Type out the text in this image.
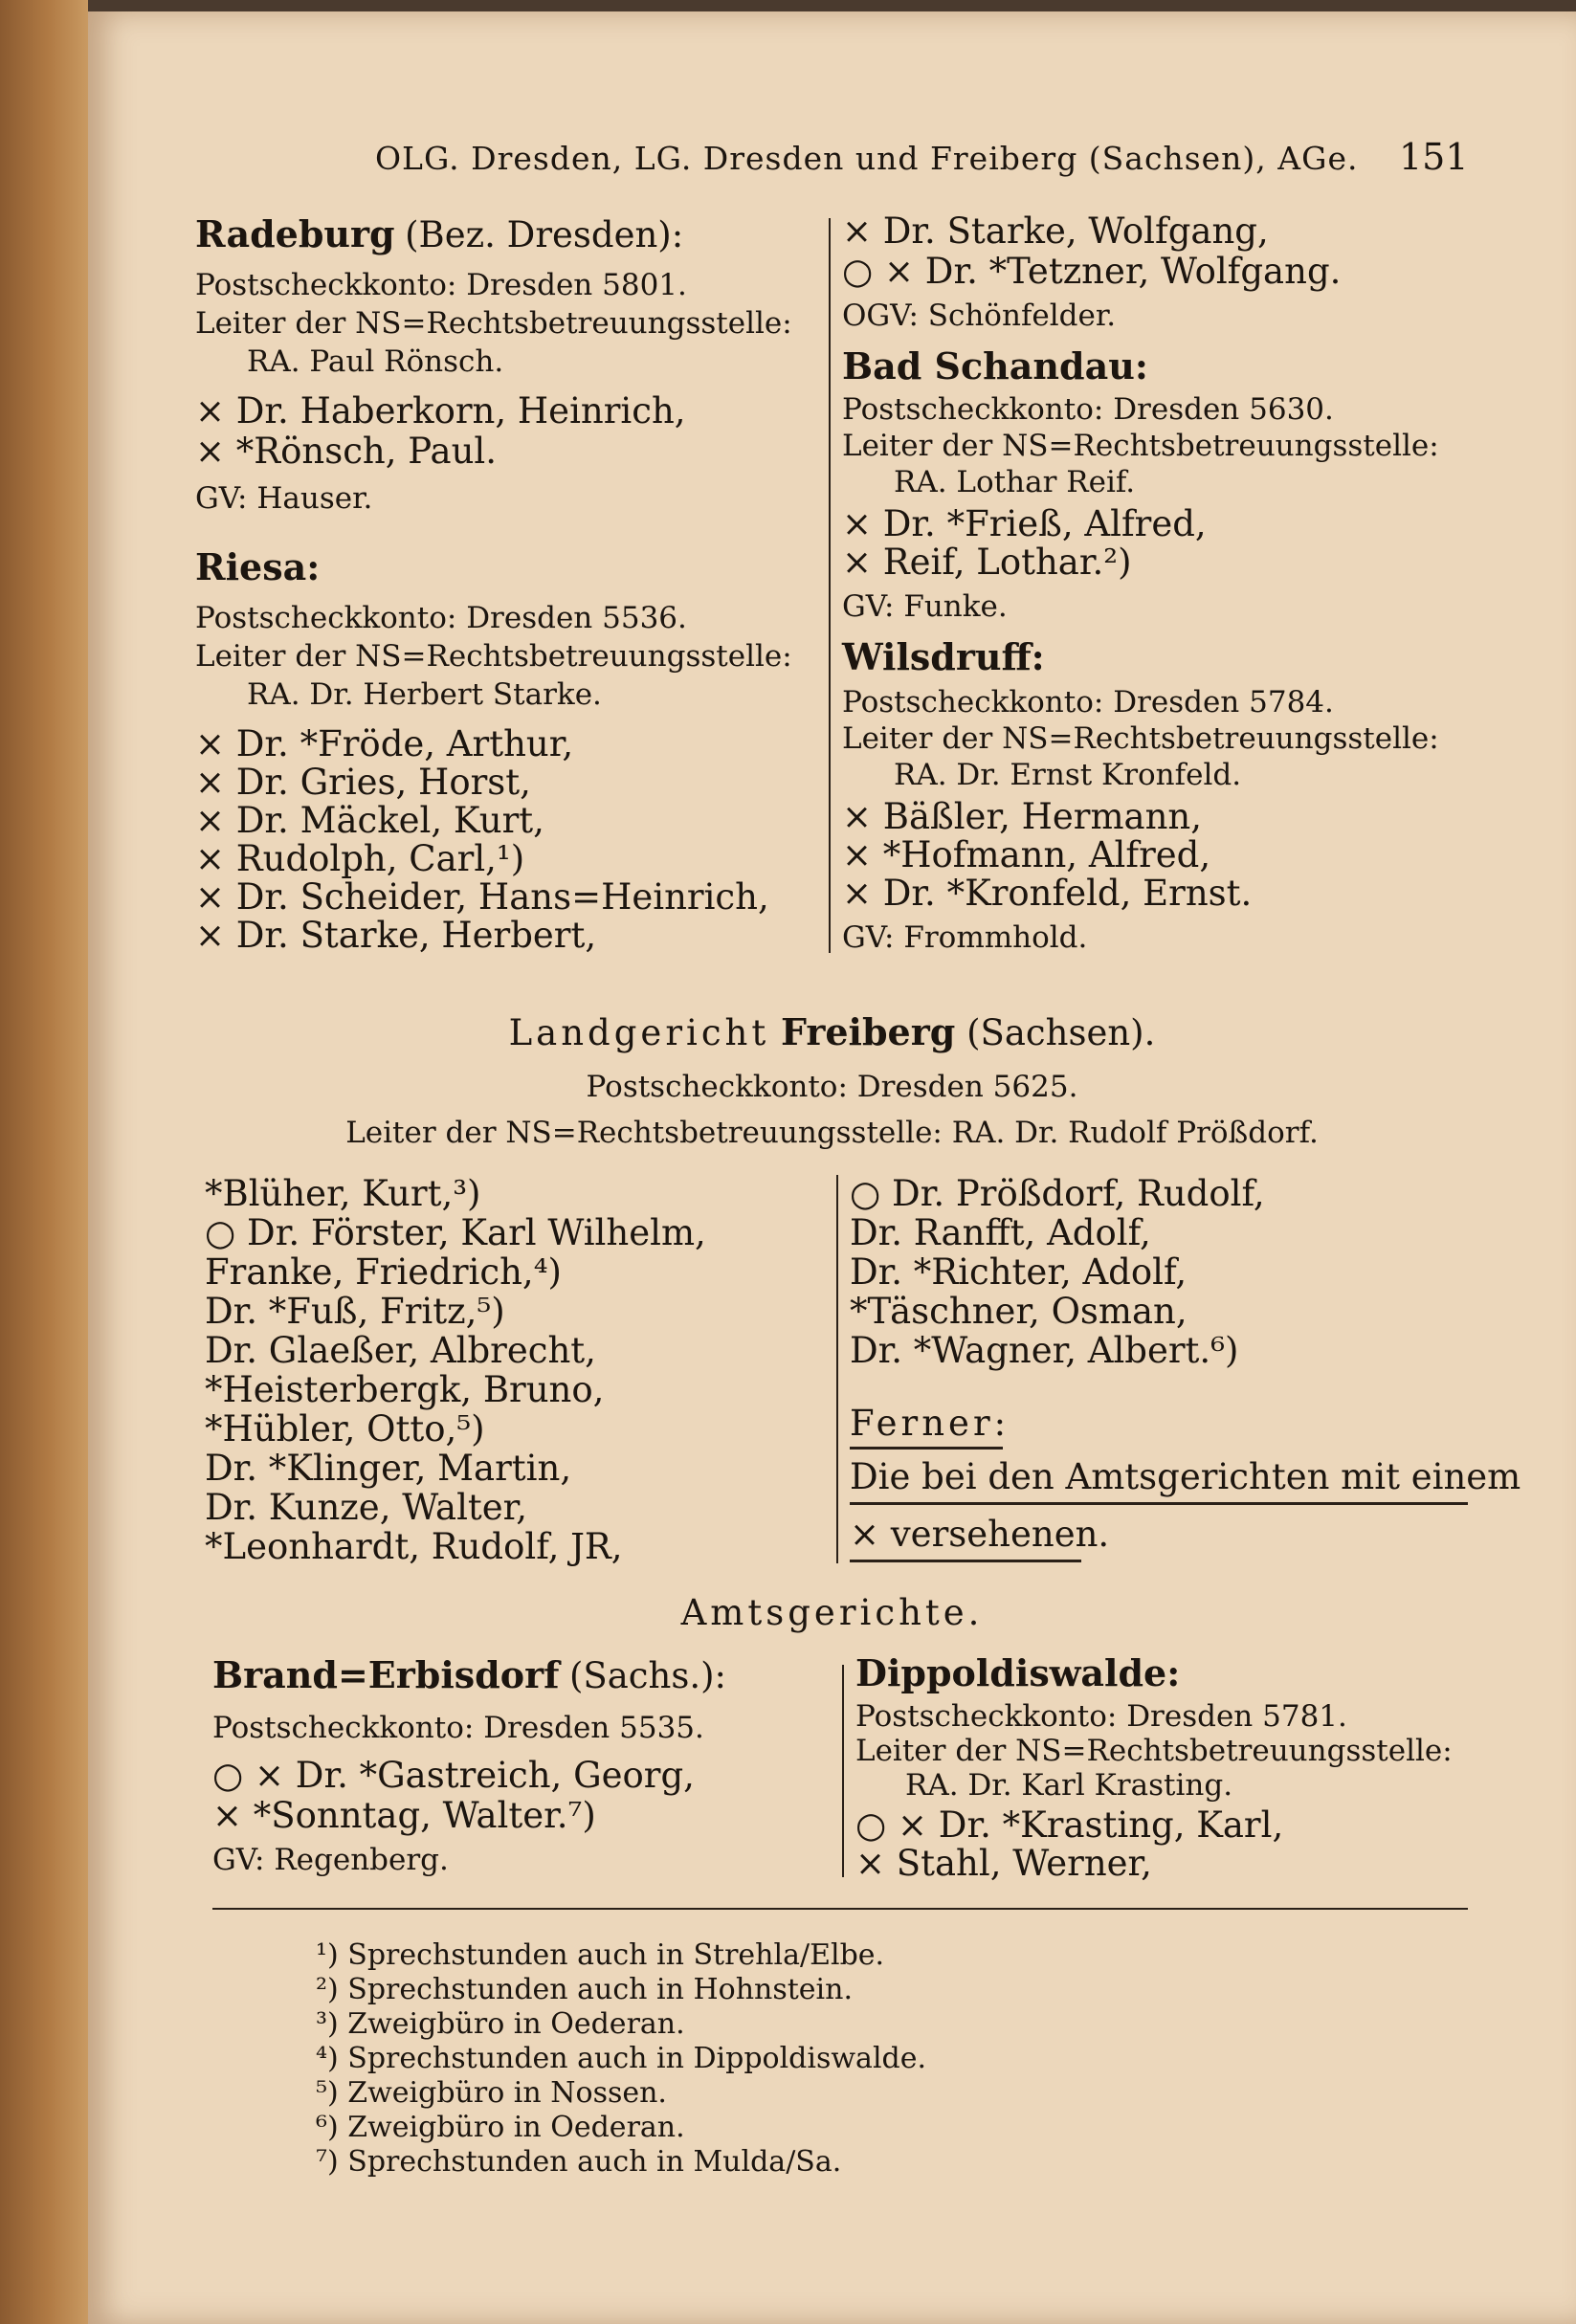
OLG. Dresden, LG. Dresden und Freiberg (Sachsen), AGe. 151
Radeburg (Bez. Dresden):
Postscheckkonto: Dresden 5801.
Leiter der NS=Rechtsbetreuungsstelle:
RA. Paul Rönsch.
× Dr. Haberkorn, Heinrich,
× *Rönsch, Paul.
GV: Hauser.
Riesa:
Postscheckkonto: Dresden 5536.
Leiter der NS=Rechtsbetreuungsstelle:
RA. Dr. Herbert Starke.
× Dr. *Fröde, Arthur,
× Dr. Gries, Horst,
× Dr. Mäckel, Kurt,
× Rudolph, Carl,¹)
× Dr. Scheider, Hans=Heinrich,
× Dr. Starke, Herbert,
× Dr. Starke, Wolfgang,
○ × Dr. *Tetzner, Wolfgang.
OGV: Schönfelder.
Bad Schandau:
Postscheckkonto: Dresden 5630.
Leiter der NS=Rechtsbetreuungsstelle:
RA. Lothar Reif.
× Dr. *Frieß, Alfred,
× Reif, Lothar.²)
GV: Funke.
Wilsdruff:
Postscheckkonto: Dresden 5784.
Leiter der NS=Rechtsbetreuungsstelle:
RA. Dr. Ernst Kronfeld.
× Bäßler, Hermann,
× *Hofmann, Alfred,
× Dr. *Kronfeld, Ernst.
GV: Frommhold.
Landgericht Freiberg (Sachsen).
Postscheckkonto: Dresden 5625.
Leiter der NS=Rechtsbetreuungsstelle: RA. Dr. Rudolf Prößdorf.
*Blüher, Kurt,³)
○ Dr. Förster, Karl Wilhelm,
Franke, Friedrich,⁴)
Dr. *Fuß, Fritz,⁵)
Dr. Glaeßer, Albrecht,
*Heisterbergk, Bruno,
*Hübler, Otto,⁵)
Dr. *Klinger, Martin,
Dr. Kunze, Walter,
*Leonhardt, Rudolf, JR,
○ Dr. Prößdorf, Rudolf,
Dr. Ranfft, Adolf,
Dr. *Richter, Adolf,
*Täschner, Osman,
Dr. *Wagner, Albert.⁶)
Ferner:
Die bei den Amtsgerichten mit einem
× versehenen.
Amtsgerichte.
Brand=Erbisdorf (Sachs.):
Postscheckkonto: Dresden 5535.
○ × Dr. *Gastreich, Georg,
× *Sonntag, Walter.⁷)
GV: Regenberg.
Dippoldiswalde:
Postscheckkonto: Dresden 5781.
Leiter der NS=Rechtsbetreuungsstelle:
RA. Dr. Karl Krasting.
○ × Dr. *Krasting, Karl,
× Stahl, Werner,
¹) Sprechstunden auch in Strehla/Elbe.
²) Sprechstunden auch in Hohnstein.
³) Zweigbüro in Oederan.
⁴) Sprechstunden auch in Dippoldiswalde.
⁵) Zweigbüro in Nossen.
⁶) Zweigbüro in Oederan.
⁷) Sprechstunden auch in Mulda/Sa.
